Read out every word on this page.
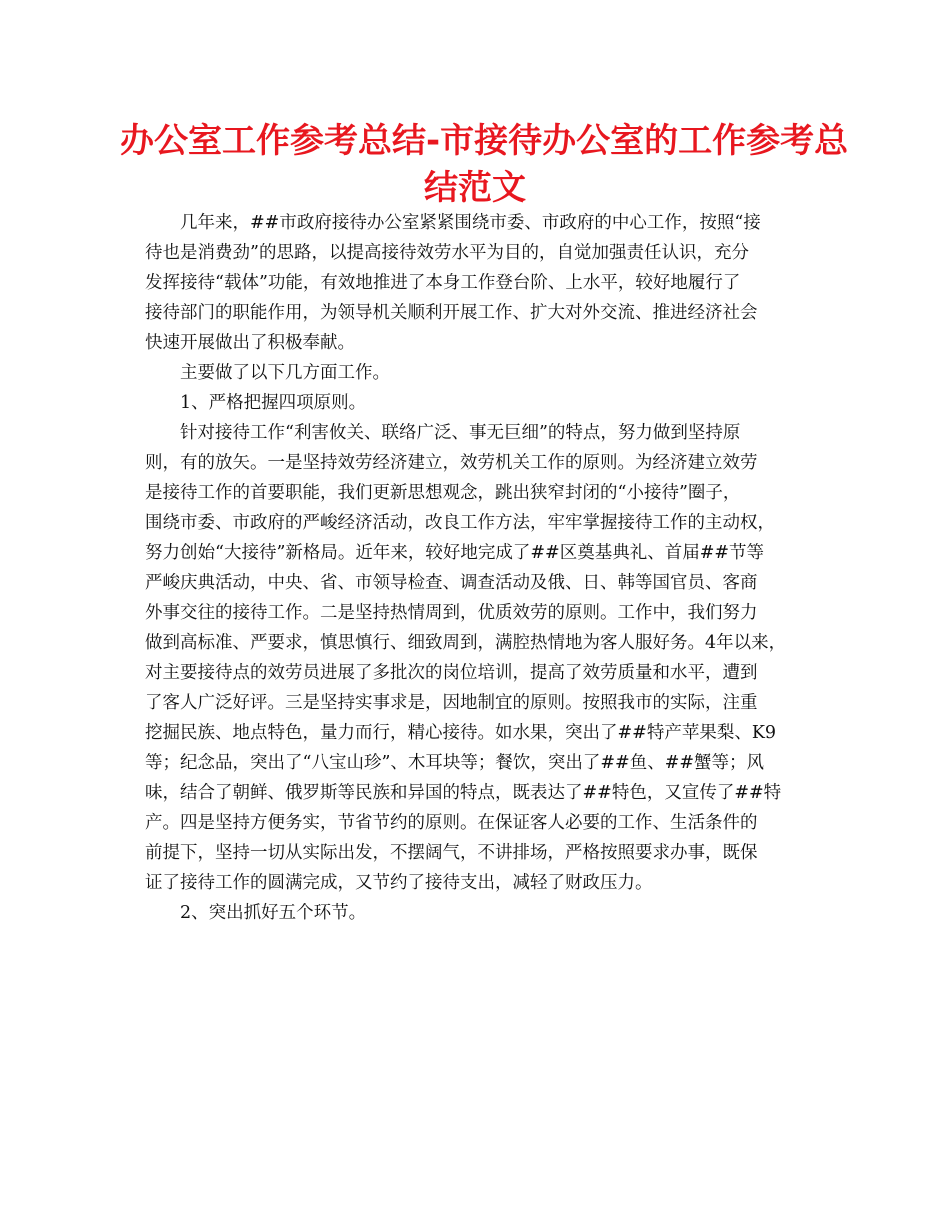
办公室工作参考总结-市接待办公室的工作参考总
结范文
几年来，##市政府接待办公室紧紧围绕市委、市政府的中心工作，按照“接
待也是消费劲”的思路，以提高接待效劳水平为目的，自觉加强责任认识，充分
发挥接待“载体”功能，有效地推进了本身工作登台阶、上水平，较好地履行了
接待部门的职能作用，为领导机关顺利开展工作、扩大对外交流、推进经济社会
快速开展做出了积极奉献。
主要做了以下几方面工作。
1、严格把握四项原则。
针对接待工作“利害攸关、联络广泛、事无巨细”的特点，努力做到坚持原
则，有的放矢。一是坚持效劳经济建立，效劳机关工作的原则。为经济建立效劳
是接待工作的首要职能，我们更新思想观念，跳出狭窄封闭的“小接待”圈子，
围绕市委、市政府的严峻经济活动，改良工作方法，牢牢掌握接待工作的主动权，
努力创始“大接待”新格局。近年来，较好地完成了##区奠基典礼、首届##节等
严峻庆典活动，中央、省、市领导检查、调查活动及俄、日、韩等国官员、客商
外事交往的接待工作。二是坚持热情周到，优质效劳的原则。工作中，我们努力
做到高标准、严要求，慎思慎行、细致周到，满腔热情地为客人服好务。4年以来，
对主要接待点的效劳员进展了多批次的岗位培训，提高了效劳质量和水平，遭到
了客人广泛好评。三是坚持实事求是，因地制宜的原则。按照我市的实际，注重
挖掘民族、地点特色，量力而行，精心接待。如水果，突出了##特产苹果梨、K9
等；纪念品，突出了“八宝山珍”、木耳块等；餐饮，突出了##鱼、##蟹等；风
味，结合了朝鲜、俄罗斯等民族和异国的特点，既表达了##特色，又宣传了##特
产。四是坚持方便务实，节省节约的原则。在保证客人必要的工作、生活条件的
前提下，坚持一切从实际出发，不摆阔气，不讲排场，严格按照要求办事，既保
证了接待工作的圆满完成，又节约了接待支出，减轻了财政压力。
2、突出抓好五个环节。
